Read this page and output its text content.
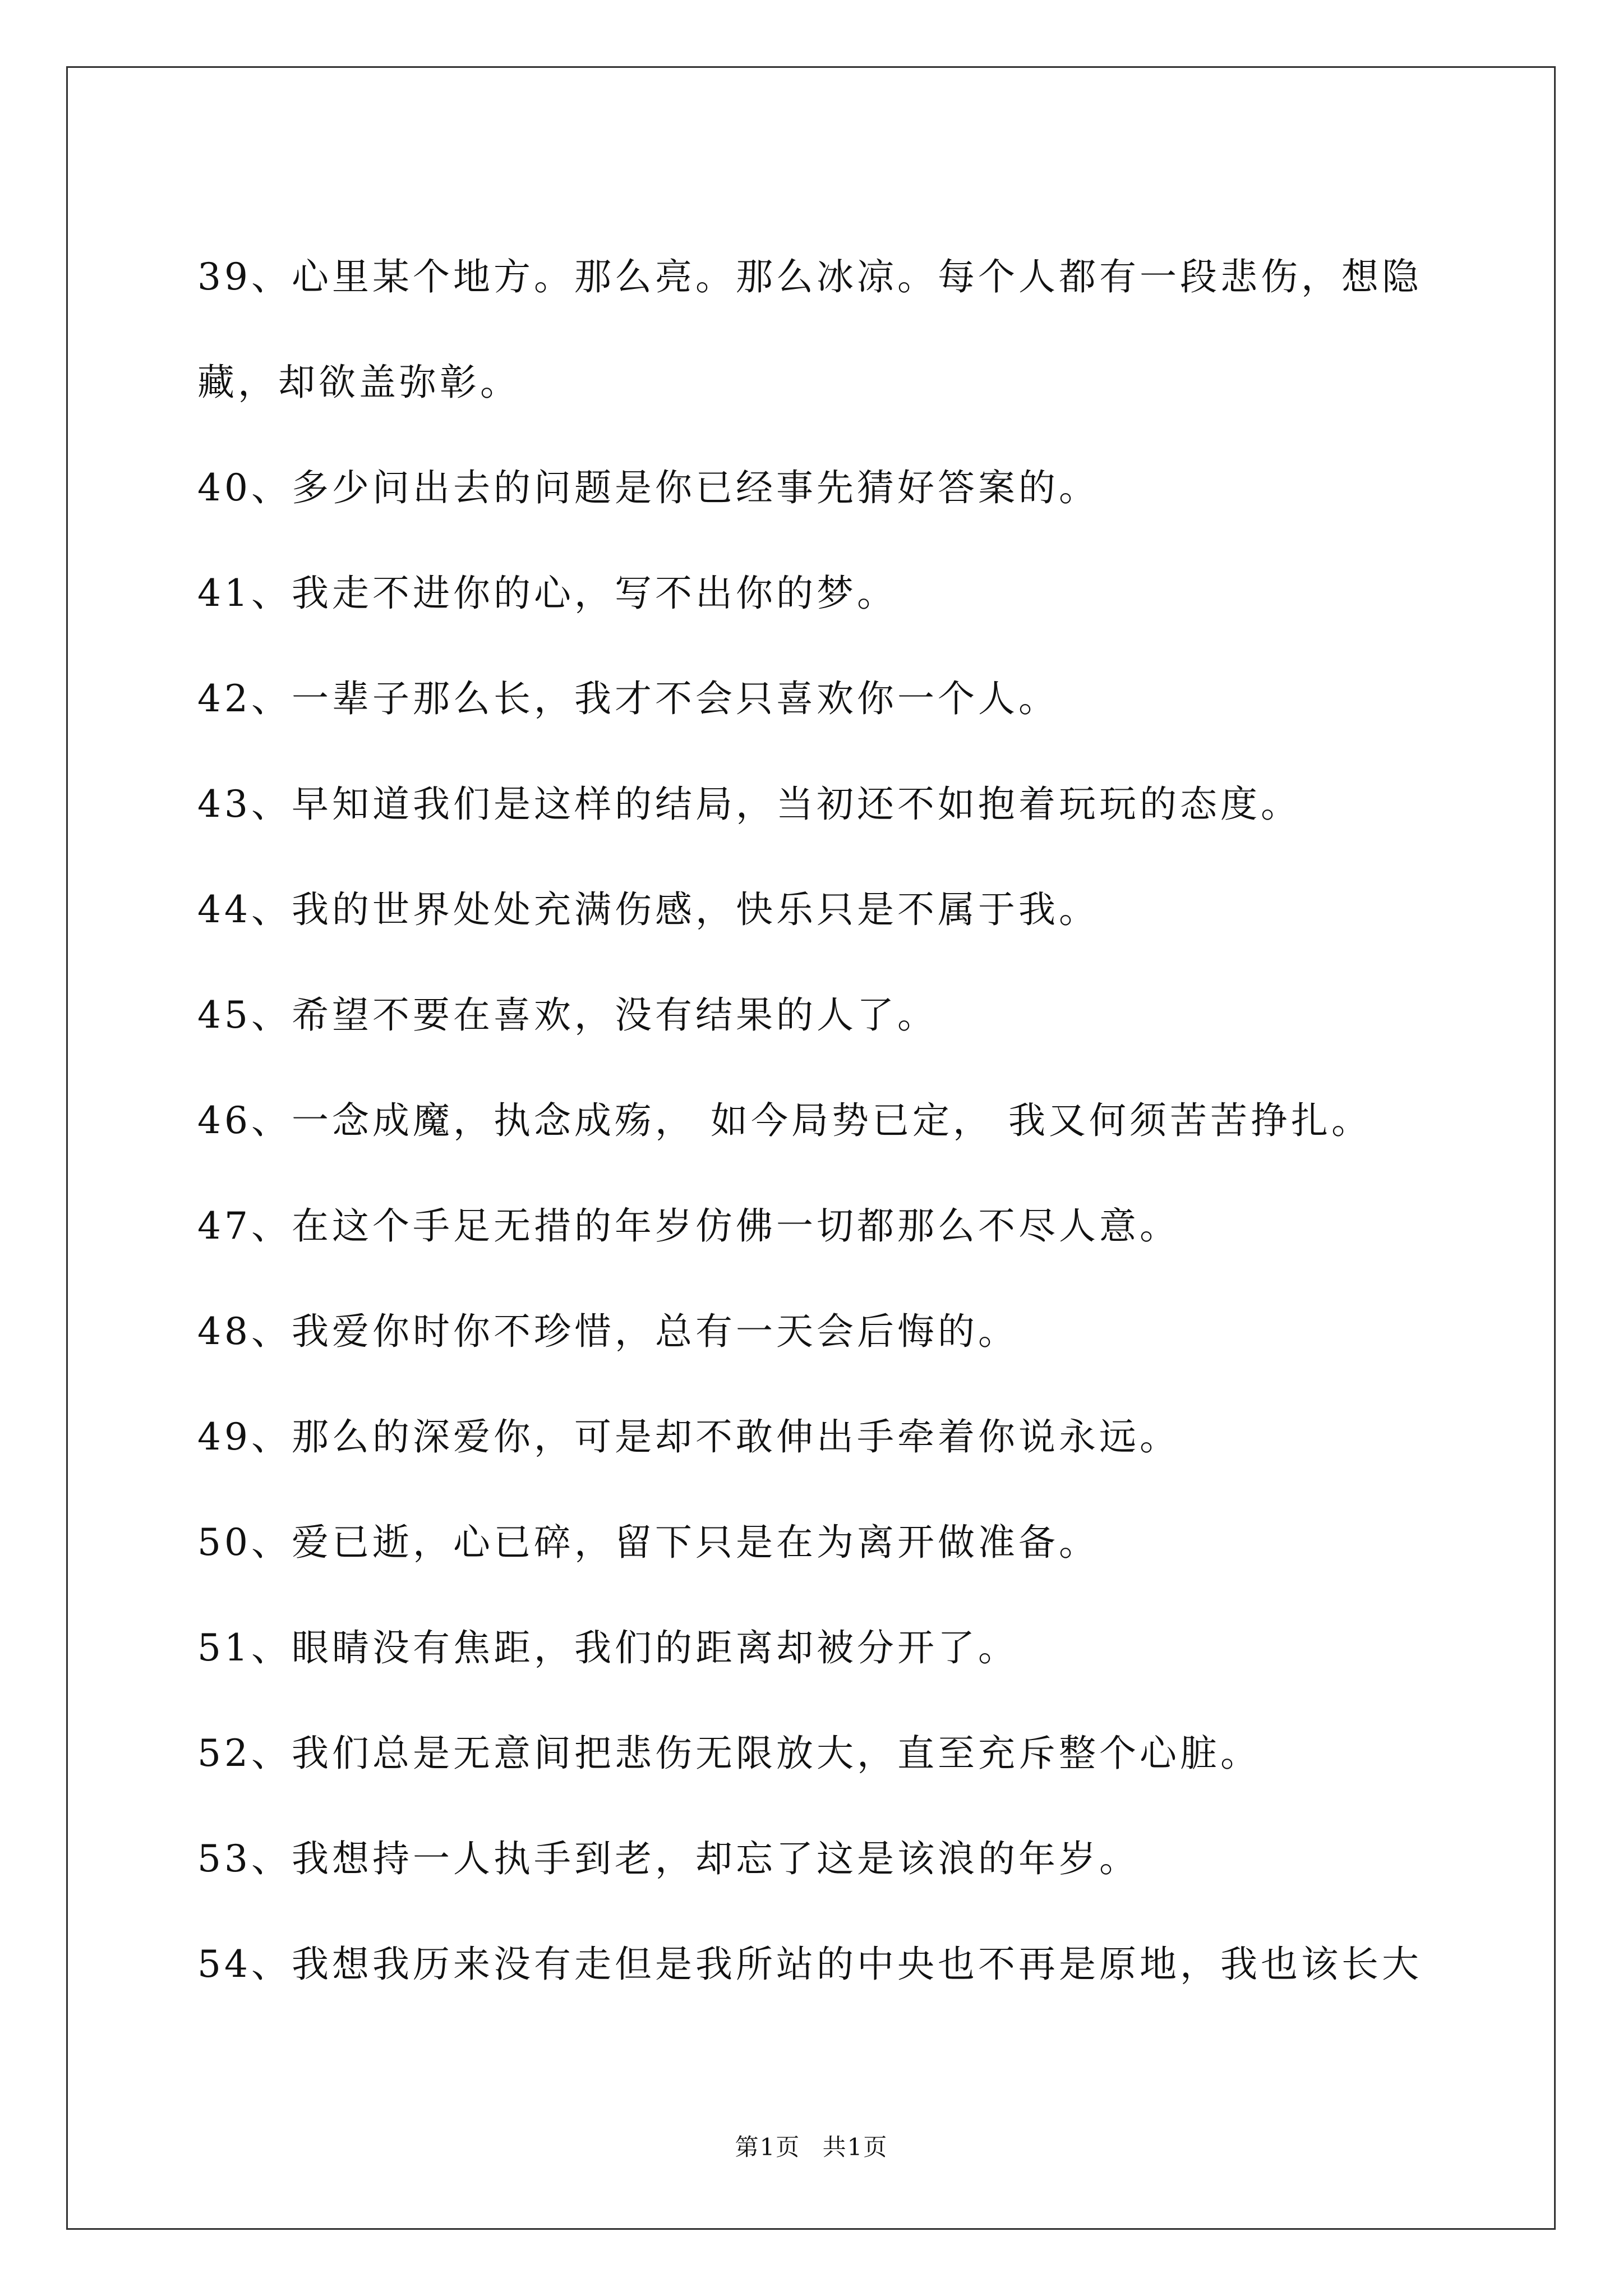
39、心里某个地方。那么亮。那么冰凉。每个人都有一段悲伤，想隐藏，却欲盖弥彰。

40、多少问出去的问题是你已经事先猜好答案的。

41、我走不进你的心，写不出你的梦。

42、一辈子那么长，我才不会只喜欢你一个人。

43、早知道我们是这样的结局，当初还不如抱着玩玩的态度。

44、我的世界处处充满伤感，快乐只是不属于我。

45、希望不要在喜欢，没有结果的人了。

46、一念成魔，执念成殇， 如今局势已定， 我又何须苦苦挣扎。

47、在这个手足无措的年岁仿佛一切都那么不尽人意。

48、我爱你时你不珍惜，总有一天会后悔的。

49、那么的深爱你，可是却不敢伸出手牵着你说永远。

50、爱已逝，心已碎，留下只是在为离开做准备。

51、眼睛没有焦距，我们的距离却被分开了。

52、我们总是无意间把悲伤无限放大，直至充斥整个心脏。

53、我想持一人执手到老，却忘了这是该浪的年岁。

54、我想我历来没有走但是我所站的中央也不再是原地，我也该长大

第1页 共1页
